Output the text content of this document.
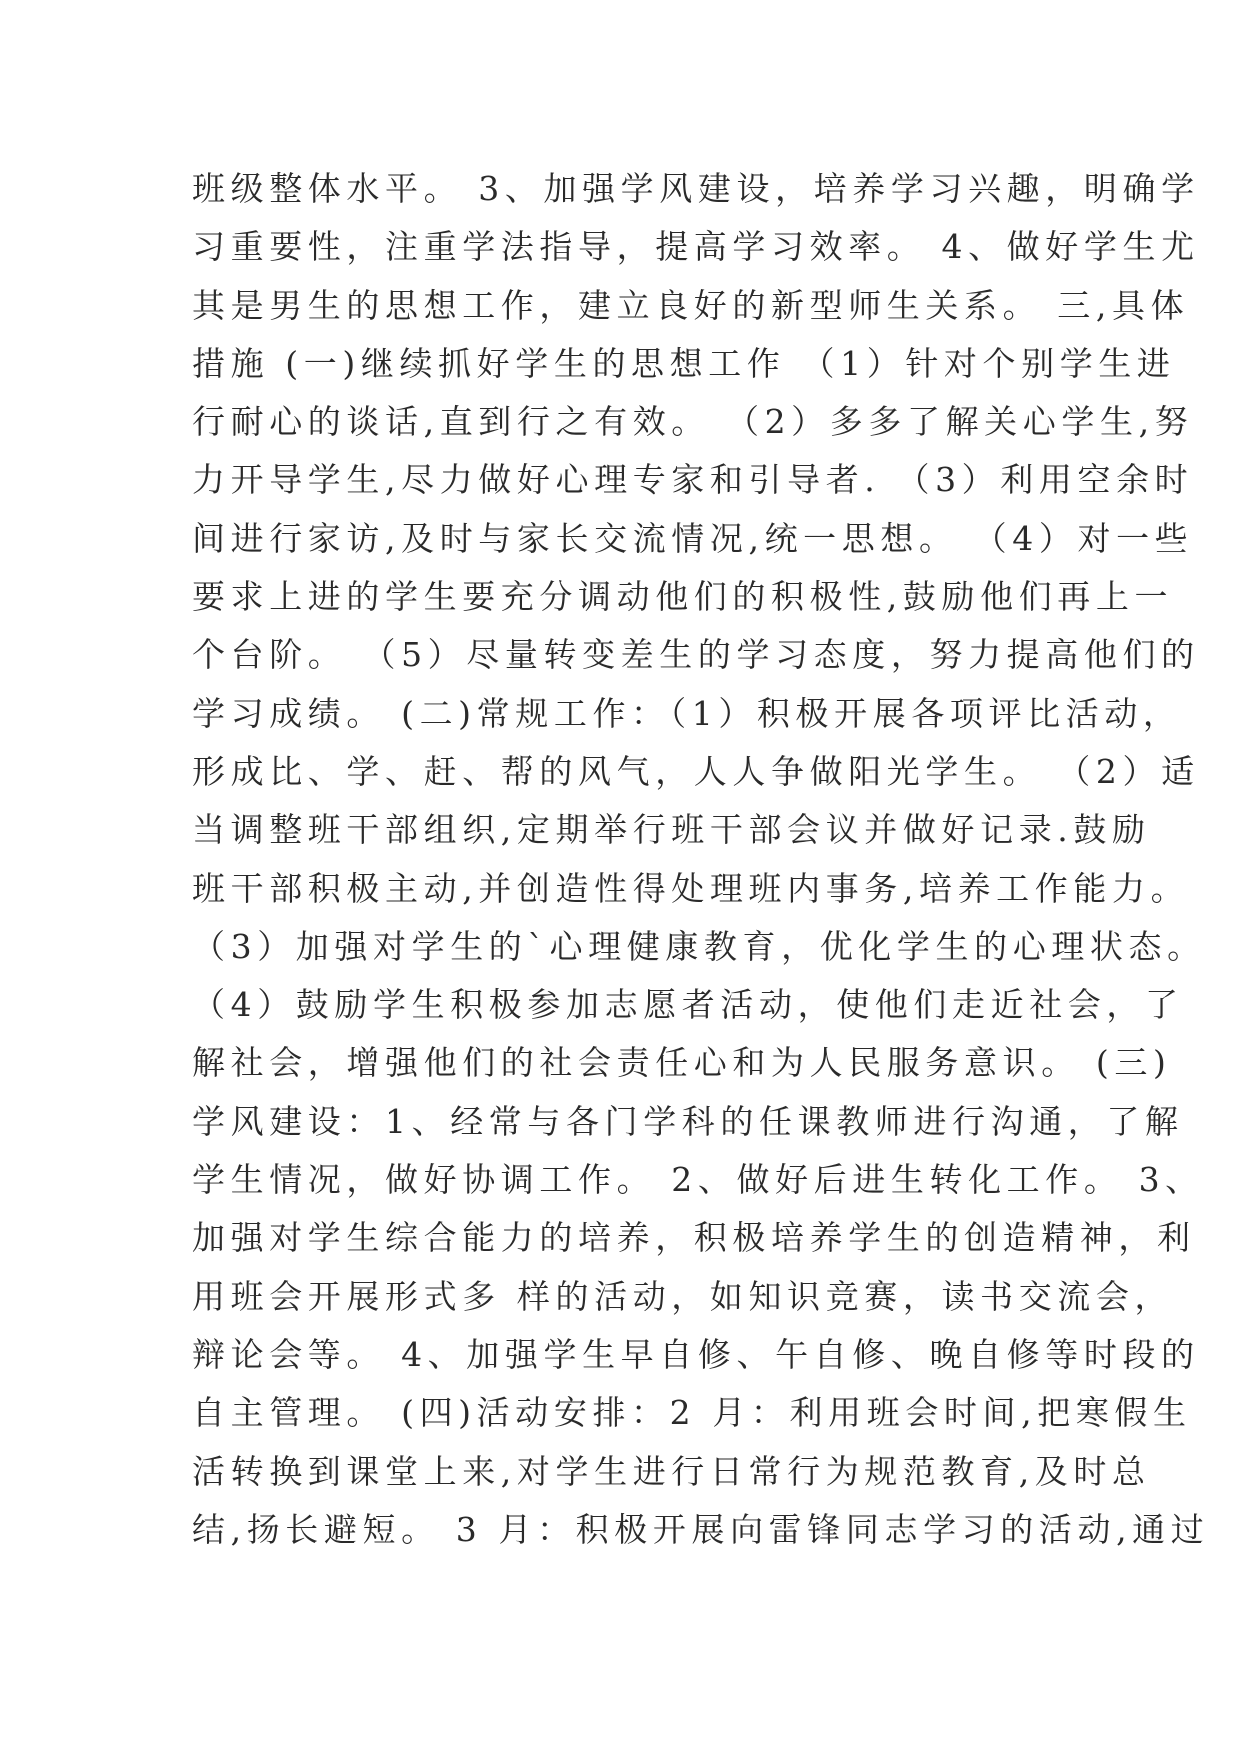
班级整体水平。 3、加强学风建设，培养学习兴趣，明确学
习重要性，注重学法指导，提高学习效率。 4、做好学生尤
其是男生的思想工作，建立良好的新型师生关系。 三,具体
措施 (一)继续抓好学生的思想工作 （1）针对个别学生进
行耐心的谈话,直到行之有效。 （2）多多了解关心学生,努
力开导学生,尽力做好心理专家和引导者. （3）利用空余时
间进行家访,及时与家长交流情况,统一思想。 （4）对一些
要求上进的学生要充分调动他们的积极性,鼓励他们再上一
个台阶。 （5）尽量转变差生的学习态度，努力提高他们的
学习成绩。 (二)常规工作：（1）积极开展各项评比活动，
形成比、学、赶、帮的风气，人人争做阳光学生。 （2）适
当调整班干部组织,定期举行班干部会议并做好记录.鼓励
班干部积极主动,并创造性得处理班内事务,培养工作能力。
（3）加强对学生的`心理健康教育，优化学生的心理状态。
（4）鼓励学生积极参加志愿者活动，使他们走近社会，了
解社会，增强他们的社会责任心和为人民服务意识。 (三)
学风建设：1、经常与各门学科的任课教师进行沟通，了解
学生情况，做好协调工作。 2、做好后进生转化工作。 3、
加强对学生综合能力的培养，积极培养学生的创造精神，利
用班会开展形式多 样的活动，如知识竞赛，读书交流会，
辩论会等。 4、加强学生早自修、午自修、晚自修等时段的
自主管理。 (四)活动安排：2 月：利用班会时间,把寒假生
活转换到课堂上来,对学生进行日常行为规范教育,及时总
结,扬长避短。 3 月：积极开展向雷锋同志学习的活动,通过
